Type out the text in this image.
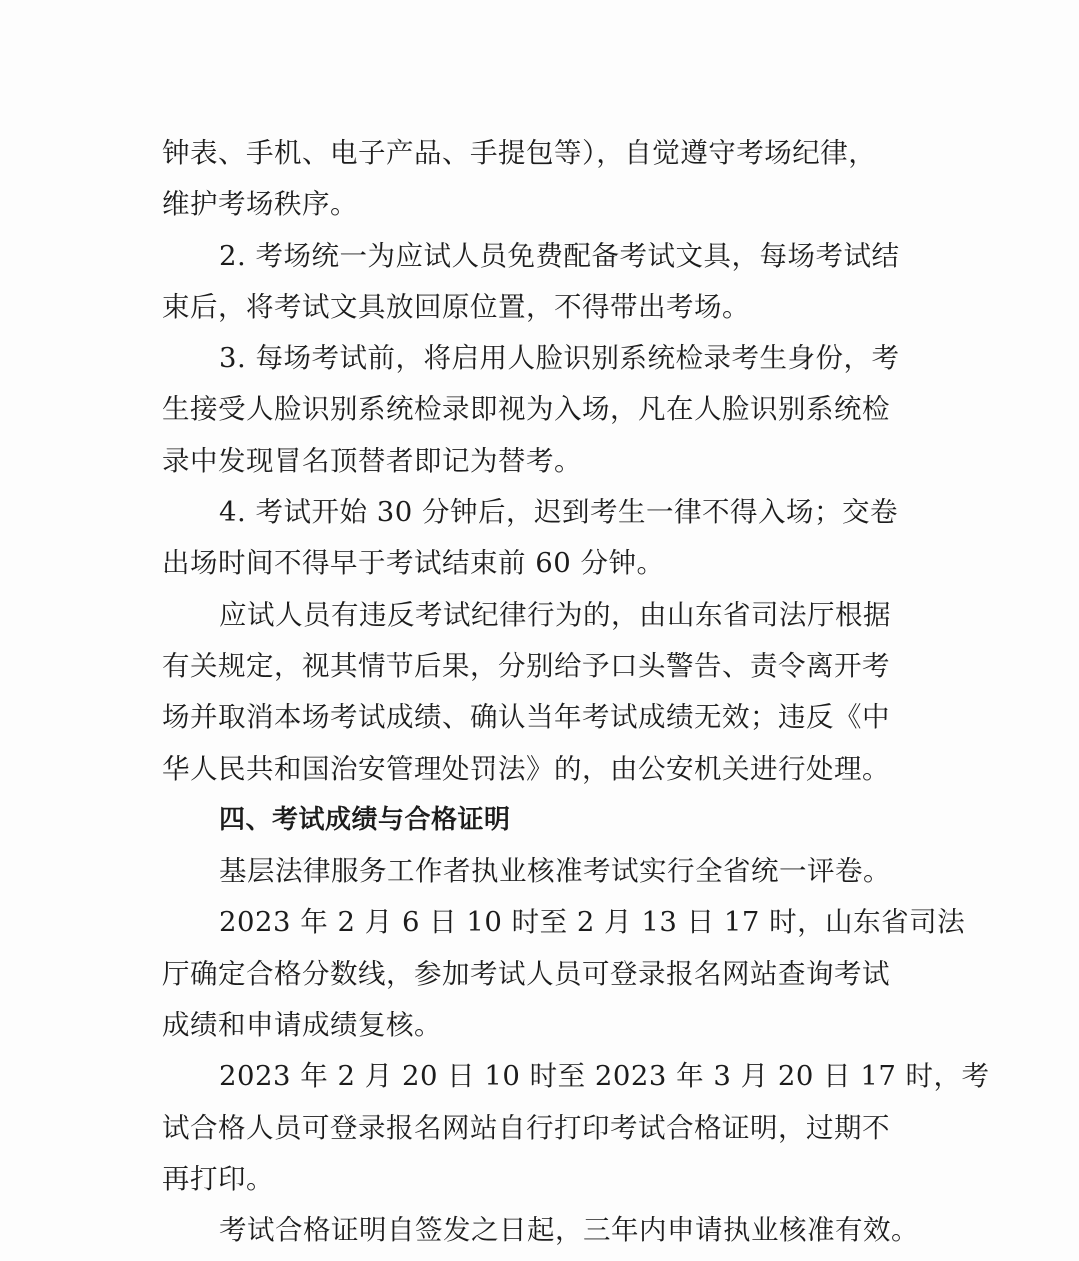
钟表、手机、电子产品、手提包等），自觉遵守考场纪律，
维护考场秩序。
2. 考场统一为应试人员免费配备考试文具，每场考试结
束后，将考试文具放回原位置，不得带出考场。
3. 每场考试前，将启用人脸识别系统检录考生身份，考
生接受人脸识别系统检录即视为入场，凡在人脸识别系统检
录中发现冒名顶替者即记为替考。
4. 考试开始 30 分钟后，迟到考生一律不得入场；交卷
出场时间不得早于考试结束前 60 分钟。
应试人员有违反考试纪律行为的，由山东省司法厅根据
有关规定，视其情节后果，分别给予口头警告、责令离开考
场并取消本场考试成绩、确认当年考试成绩无效；违反《中
华人民共和国治安管理处罚法》的，由公安机关进行处理。
四、考试成绩与合格证明
基层法律服务工作者执业核准考试实行全省统一评卷。
2023 年 2 月 6 日 10 时至 2 月 13 日 17 时，山东省司法
厅确定合格分数线，参加考试人员可登录报名网站查询考试
成绩和申请成绩复核。
2023 年 2 月 20 日 10 时至 2023 年 3 月 20 日 17 时，考
试合格人员可登录报名网站自行打印考试合格证明，过期不
再打印。
考试合格证明自签发之日起，三年内申请执业核准有效。
